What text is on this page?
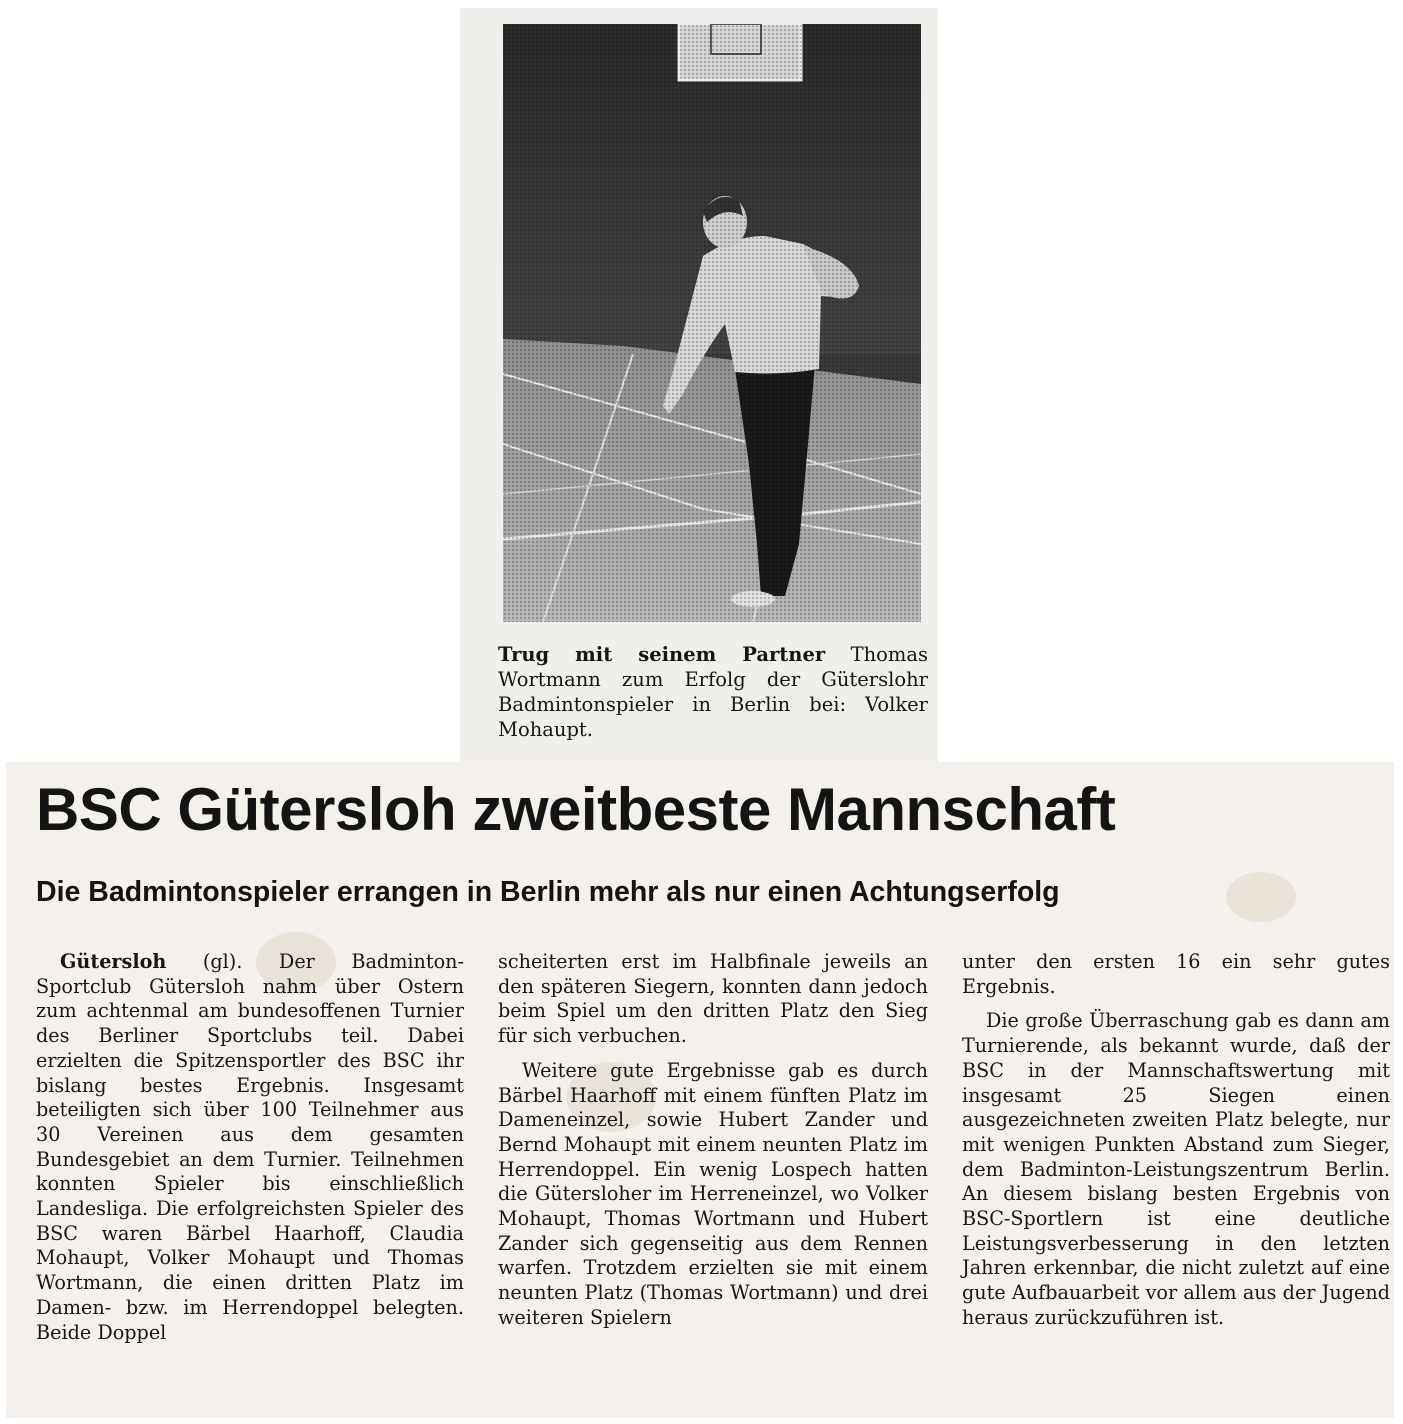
Trug mit seinem Partner Thomas Wortmann zum Erfolg der Güterslohr Badmintonspieler in Berlin bei: Volker Mohaupt.
BSC Gütersloh zweitbeste Mannschaft
Die Badmintonspieler errangen in Berlin mehr als nur einen Achtungserfolg

Gütersloh (gl). Der Badminton-Sportclub Gütersloh nahm über Ostern zum achtenmal am bundesoffenen Turnier des Berliner Sportclubs teil. Dabei erzielten die Spitzensportler des BSC ihr bislang bestes Ergebnis. Insgesamt beteiligten sich über 100 Teilnehmer aus 30 Vereinen aus dem gesamten Bundesgebiet an dem Turnier. Teilnehmen konnten Spieler bis einschließlich Landesliga. Die erfolgreichsten Spieler des BSC waren Bärbel Haarhoff, Claudia Mohaupt, Volker Mohaupt und Thomas Wortmann, die einen dritten Platz im Damen- bzw. im Herrendoppel belegten. Beide Doppel

scheiterten erst im Halbfinale jeweils an den späteren Siegern, konnten dann jedoch beim Spiel um den dritten Platz den Sieg für sich verbuchen.

Weitere gute Ergebnisse gab es durch Bärbel Haarhoff mit einem fünften Platz im Dameneinzel, sowie Hubert Zander und Bernd Mohaupt mit einem neunten Platz im Herrendoppel. Ein wenig Lospech hatten die Gütersloher im Herreneinzel, wo Volker Mohaupt, Thomas Wortmann und Hubert Zander sich gegenseitig aus dem Rennen warfen. Trotzdem erzielten sie mit einem neunten Platz (Thomas Wortmann) und drei weiteren Spielern

unter den ersten 16 ein sehr gutes Ergebnis.

Die große Überraschung gab es dann am Turnierende, als bekannt wurde, daß der BSC in der Mannschaftswertung mit insgesamt 25 Siegen einen ausgezeichneten zweiten Platz belegte, nur mit wenigen Punkten Abstand zum Sieger, dem Badminton-Leistungszentrum Berlin. An diesem bislang besten Ergebnis von BSC-Sportlern ist eine deutliche Leistungsverbesserung in den letzten Jahren erkennbar, die nicht zuletzt auf eine gute Aufbauarbeit vor allem aus der Jugend heraus zurückzuführen ist.
